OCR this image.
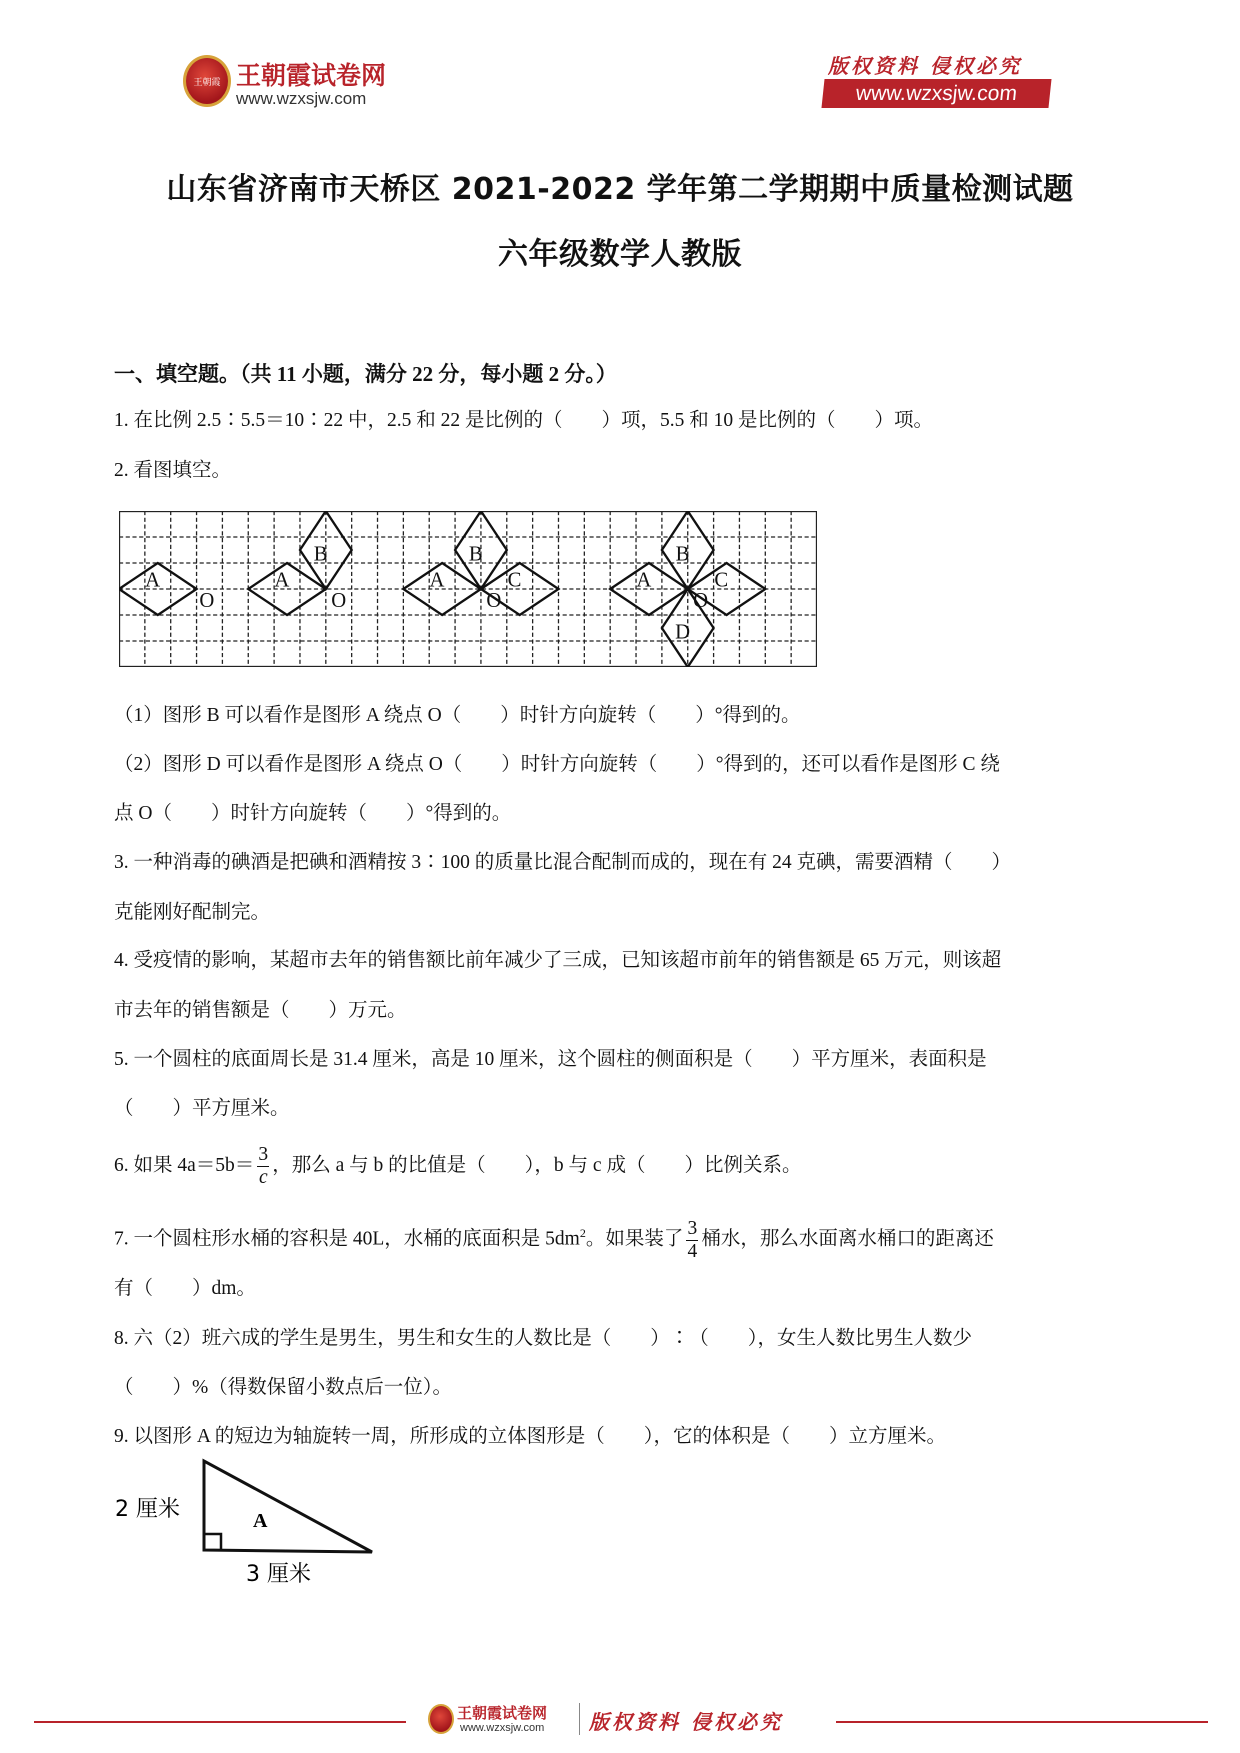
王朝霞 王朝霞试卷网
www.wzxsjw.com
版权资料 侵权必究
www.wzxsjw.com
山东省济南市天桥区 2021-2022 学年第二学期期中质量检测试题
六年级数学人教版
一、填空题。（共 11 小题，满分 22 分，每小题 2 分。）
1. 在比例 2.5∶5.5＝10∶22 中，2.5 和 22 是比例的（　　）项，5.5 和 10 是比例的（　　）项。
2. 看图填空。
A
O
A
B
O
A
B
C
O
A
B
C
O
D
（1）图形 B 可以看作是图形 A 绕点 O（　　）时针方向旋转（　　）°得到的。
（2）图形 D 可以看作是图形 A 绕点 O（　　）时针方向旋转（　　）°得到的，还可以看作是图形 C 绕
点 O（　　）时针方向旋转（　　）°得到的。
3. 一种消毒的碘酒是把碘和酒精按 3∶100 的质量比混合配制而成的，现在有 24 克碘，需要酒精（　　）
克能刚好配制完。
4. 受疫情的影响，某超市去年的销售额比前年减少了三成，已知该超市前年的销售额是 65 万元，则该超
市去年的销售额是（　　）万元。
5. 一个圆柱的底面周长是 31.4 厘米，高是 10 厘米，这个圆柱的侧面积是（　　）平方厘米，表面积是
（　　）平方厘米。
6. 如果 $4a=5b= \frac{3}{c}$ ，那么 a 与 b 的比值是（　　），b 与 c 成（　　）比例关系。
7. 一个圆柱形水桶的容积是 40L，水桶的底面积是 $5dm^2$。如果装了 $\frac{3}{4}$ 桶水，那么水面离水桶口的距离还
有（　　）dm。
8. 六（2）班六成的学生是男生，男生和女生的人数比是（　　）∶（　　），女生人数比男生人数少
（　　）%（得数保留小数点后一位）。
9. 以图形 A 的短边为轴旋转一周，所形成的立体图形是（　　），它的体积是（　　）立方厘米。
2 厘米	A
3 厘米
王朝霞试卷网
www.wzxsjw.com 版权资料 侵权必究
